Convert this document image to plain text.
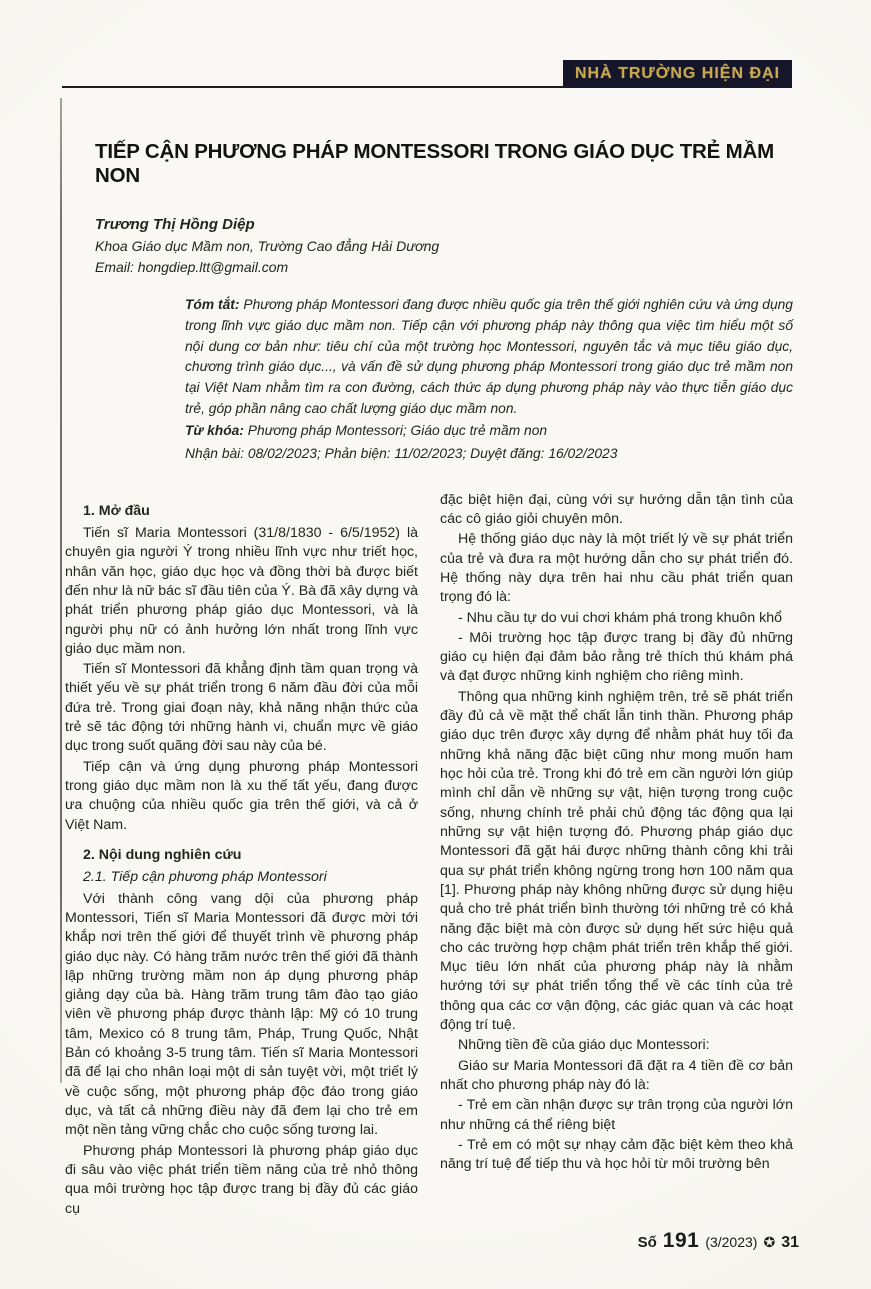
NHÀ TRƯỜNG HIỆN ĐẠI
TIẾP CẬN PHƯƠNG PHÁP MONTESSORI TRONG GIÁO DỤC TRẺ MẦM NON
Trương Thị Hồng Diệp
Khoa Giáo dục Mầm non, Trường Cao đẳng Hải Dương
Email: hongdiep.ltt@gmail.com

Tóm tắt: Phương pháp Montessori đang được nhiều quốc gia trên thế giới nghiên cứu và ứng dụng trong lĩnh vực giáo dục mầm non. Tiếp cận với phương pháp này thông qua việc tìm hiểu một số nội dung cơ bản như: tiêu chí của một trường học Montessori, nguyên tắc và mục tiêu giáo dục, chương trình giáo dục..., và vấn đề sử dụng phương pháp Montessori trong giáo dục trẻ mầm non tại Việt Nam nhằm tìm ra con đường, cách thức áp dụng phương pháp này vào thực tiễn giáo dục trẻ, góp phần nâng cao chất lượng giáo dục mầm non.

Từ khóa: Phương pháp Montessori; Giáo dục trẻ mầm non
Nhận bài: 08/02/2023; Phản biện: 11/02/2023; Duyệt đăng: 16/02/2023

1. Mở đầu

Tiến sĩ Maria Montessori (31/8/1830 - 6/5/1952) là chuyên gia người Ý trong nhiều lĩnh vực như triết học, nhân văn học, giáo dục học và đồng thời bà được biết đến như là nữ bác sĩ đầu tiên của Ý. Bà đã xây dựng và phát triển phương pháp giáo dục Montessori, và là người phụ nữ có ảnh hưởng lớn nhất trong lĩnh vực giáo dục mầm non.

Tiến sĩ Montessori đã khẳng định tầm quan trọng và thiết yếu về sự phát triển trong 6 năm đầu đời của mỗi đứa trẻ. Trong giai đoạn này, khả năng nhận thức của trẻ sẽ tác động tới những hành vi, chuẩn mực về giáo dục trong suốt quãng đời sau này của bé.

Tiếp cận và ứng dụng phương pháp Montessori trong giáo dục mầm non là xu thế tất yếu, đang được ưa chuộng của nhiều quốc gia trên thế giới, và cả ở Việt Nam.

2. Nội dung nghiên cứu

2.1. Tiếp cận phương pháp Montessori

Với thành công vang dội của phương pháp Montessori, Tiến sĩ Maria Montessori đã được mời tới khắp nơi trên thế giới để thuyết trình về phương pháp giáo dục này. Có hàng trăm nước trên thế giới đã thành lập những trường mầm non áp dụng phương pháp giảng dạy của bà. Hàng trăm trung tâm đào tạo giáo viên về phương pháp được thành lập: Mỹ có 10 trung tâm, Mexico có 8 trung tâm, Pháp, Trung Quốc, Nhật Bản có khoảng 3-5 trung tâm. Tiến sĩ Maria Montessori đã để lại cho nhân loại một di sản tuyệt vời, một triết lý về cuộc sống, một phương pháp độc đáo trong giáo dục, và tất cả những điều này đã đem lại cho trẻ em một nền tảng vững chắc cho cuộc sống tương lai.

Phương pháp Montessori là phương pháp giáo dục đi sâu vào việc phát triển tiềm năng của trẻ nhỏ thông qua môi trường học tập được trang bị đầy đủ các giáo cụ

đặc biệt hiện đại, cùng với sự hướng dẫn tận tình của các cô giáo giỏi chuyên môn.

Hệ thống giáo dục này là một triết lý về sự phát triển của trẻ và đưa ra một hướng dẫn cho sự phát triển đó. Hệ thống này dựa trên hai nhu cầu phát triển quan trọng đó là:

- Nhu cầu tự do vui chơi khám phá trong khuôn khổ

- Môi trường học tập được trang bị đầy đủ những giáo cụ hiện đại đảm bảo rằng trẻ thích thú khám phá và đạt được những kinh nghiệm cho riêng mình.

Thông qua những kinh nghiệm trên, trẻ sẽ phát triển đầy đủ cả về mặt thể chất lẫn tinh thần. Phương pháp giáo dục trên được xây dựng để nhằm phát huy tối đa những khả năng đặc biệt cũng như mong muốn ham học hỏi của trẻ. Trong khi đó trẻ em cần người lớn giúp mình chỉ dẫn về những sự vật, hiện tượng trong cuộc sống, nhưng chính trẻ phải chủ động tác động qua lại những sự vật hiện tượng đó. Phương pháp giáo dục Montessori đã gặt hái được những thành công khi trải qua sự phát triển không ngừng trong hơn 100 năm qua [1]. Phương pháp này không những được sử dụng hiệu quả cho trẻ phát triển bình thường tới những trẻ có khả năng đặc biệt mà còn được sử dụng hết sức hiệu quả cho các trường hợp chậm phát triển trên khắp thế giới. Mục tiêu lớn nhất của phương pháp này là nhằm hướng tới sự phát triển tổng thể về các tính của trẻ thông qua các cơ vận động, các giác quan và các hoạt động trí tuệ.

Những tiền đề của giáo dục Montessori:

Giáo sư Maria Montessori đã đặt ra 4 tiền đề cơ bản nhất cho phương pháp này đó là:

- Trẻ em cần nhận được sự trân trọng của người lớn như những cá thể riêng biệt

- Trẻ em có một sự nhạy cảm đặc biệt kèm theo khả năng trí tuệ để tiếp thu và học hỏi từ môi trường bên

Số 191 (3/2023) ✪ 31
